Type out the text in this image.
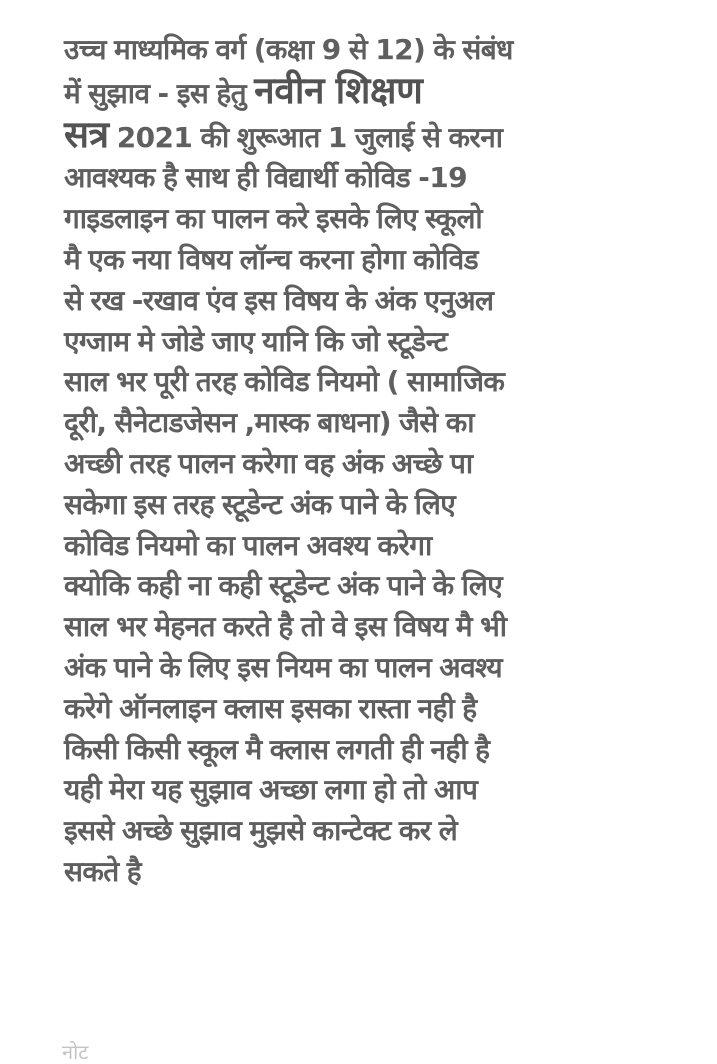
उच्च माध्यमिक वर्ग (कक्षा 9 से 12) के संबंध
में सुझाव - इस हेतु नवीन शिक्षण
सत्र 2021 की शुरूआत 1 जुलाई से करना
आवश्यक है साथ ही विद्यार्थी कोविड -19
गाइडलाइन का पालन करे इसके लिए स्कूलो
मै एक नया विषय लॉन्च करना होगा कोविड
से रख -रखाव एंव इस विषय के अंक एनुअल
एग्जाम मे जोडे जाए यानि कि जो स्टूडेन्ट
साल भर पूरी तरह कोविड नियमो ( सामाजिक
दूरी, सैनेटाडजेसन ,मास्क बाधना) जैसे का
अच्छी तरह पालन करेगा वह अंक अच्छे पा
सकेगा इस तरह स्टूडेन्ट अंक पाने के लिए
कोविड नियमो का पालन अवश्य करेगा
क्योकि कही ना कही स्टूडेन्ट अंक पाने के लिए
साल भर मेहनत करते है तो वे इस विषय मै भी
अंक पाने के लिए इस नियम का पालन अवश्य
करेगे ऑनलाइन क्लास इसका रास्ता नही है
किसी किसी स्कूल मै क्लास लगती ही नही है
यही मेरा यह सुझाव अच्छा लगा हो तो आप
इससे अच्छे सुझाव मुझसे कान्टेक्ट कर ले
सकते है

नोट
